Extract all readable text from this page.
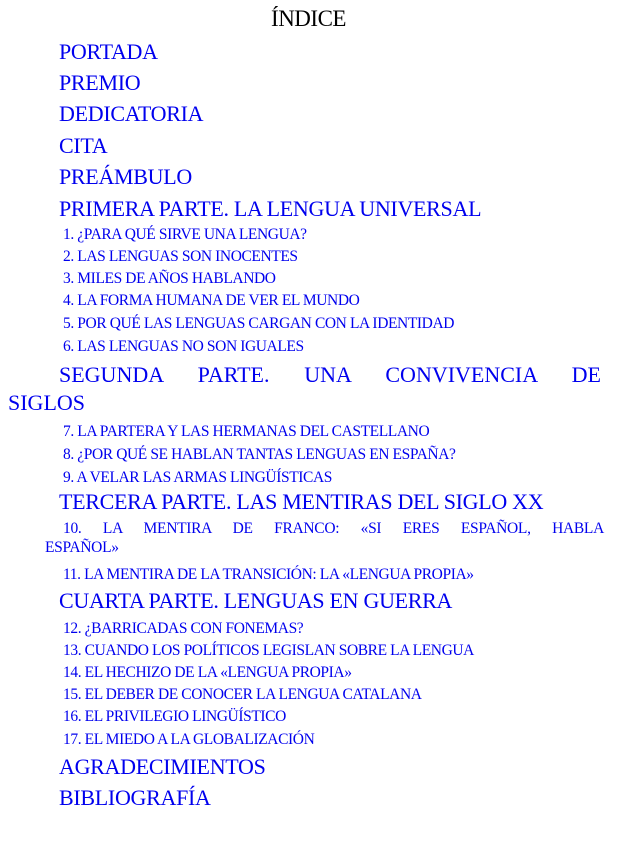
ÍNDICE
PORTADA
PREMIO
DEDICATORIA
CITA
PREÁMBULO
PRIMERA PARTE. LA LENGUA UNIVERSAL
1. ¿PARA QUÉ SIRVE UNA LENGUA?
2. LAS LENGUAS SON INOCENTES
3. MILES DE AÑOS HABLANDO
4. LA FORMA HUMANA DE VER EL MUNDO
5. POR QUÉ LAS LENGUAS CARGAN CON LA IDENTIDAD
6. LAS LENGUAS NO SON IGUALES
SEGUNDA PARTE. UNA CONVIVENCIA DE
SIGLOS
7. LA PARTERA Y LAS HERMANAS DEL CASTELLANO
8. ¿POR QUÉ SE HABLAN TANTAS LENGUAS EN ESPAÑA?
9. A VELAR LAS ARMAS LINGÜÍSTICAS
TERCERA PARTE. LAS MENTIRAS DEL SIGLO XX
10. LA MENTIRA DE FRANCO: «SI ERES ESPAÑOL, HABLA
ESPAÑOL»
11. LA MENTIRA DE LA TRANSICIÓN: LA «LENGUA PROPIA»
CUARTA PARTE. LENGUAS EN GUERRA
12. ¿BARRICADAS CON FONEMAS?
13. CUANDO LOS POLÍTICOS LEGISLAN SOBRE LA LENGUA
14. EL HECHIZO DE LA «LENGUA PROPIA»
15. EL DEBER DE CONOCER LA LENGUA CATALANA
16. EL PRIVILEGIO LINGÜÍSTICO
17. EL MIEDO A LA GLOBALIZACIÓN
AGRADECIMIENTOS
BIBLIOGRAFÍA
